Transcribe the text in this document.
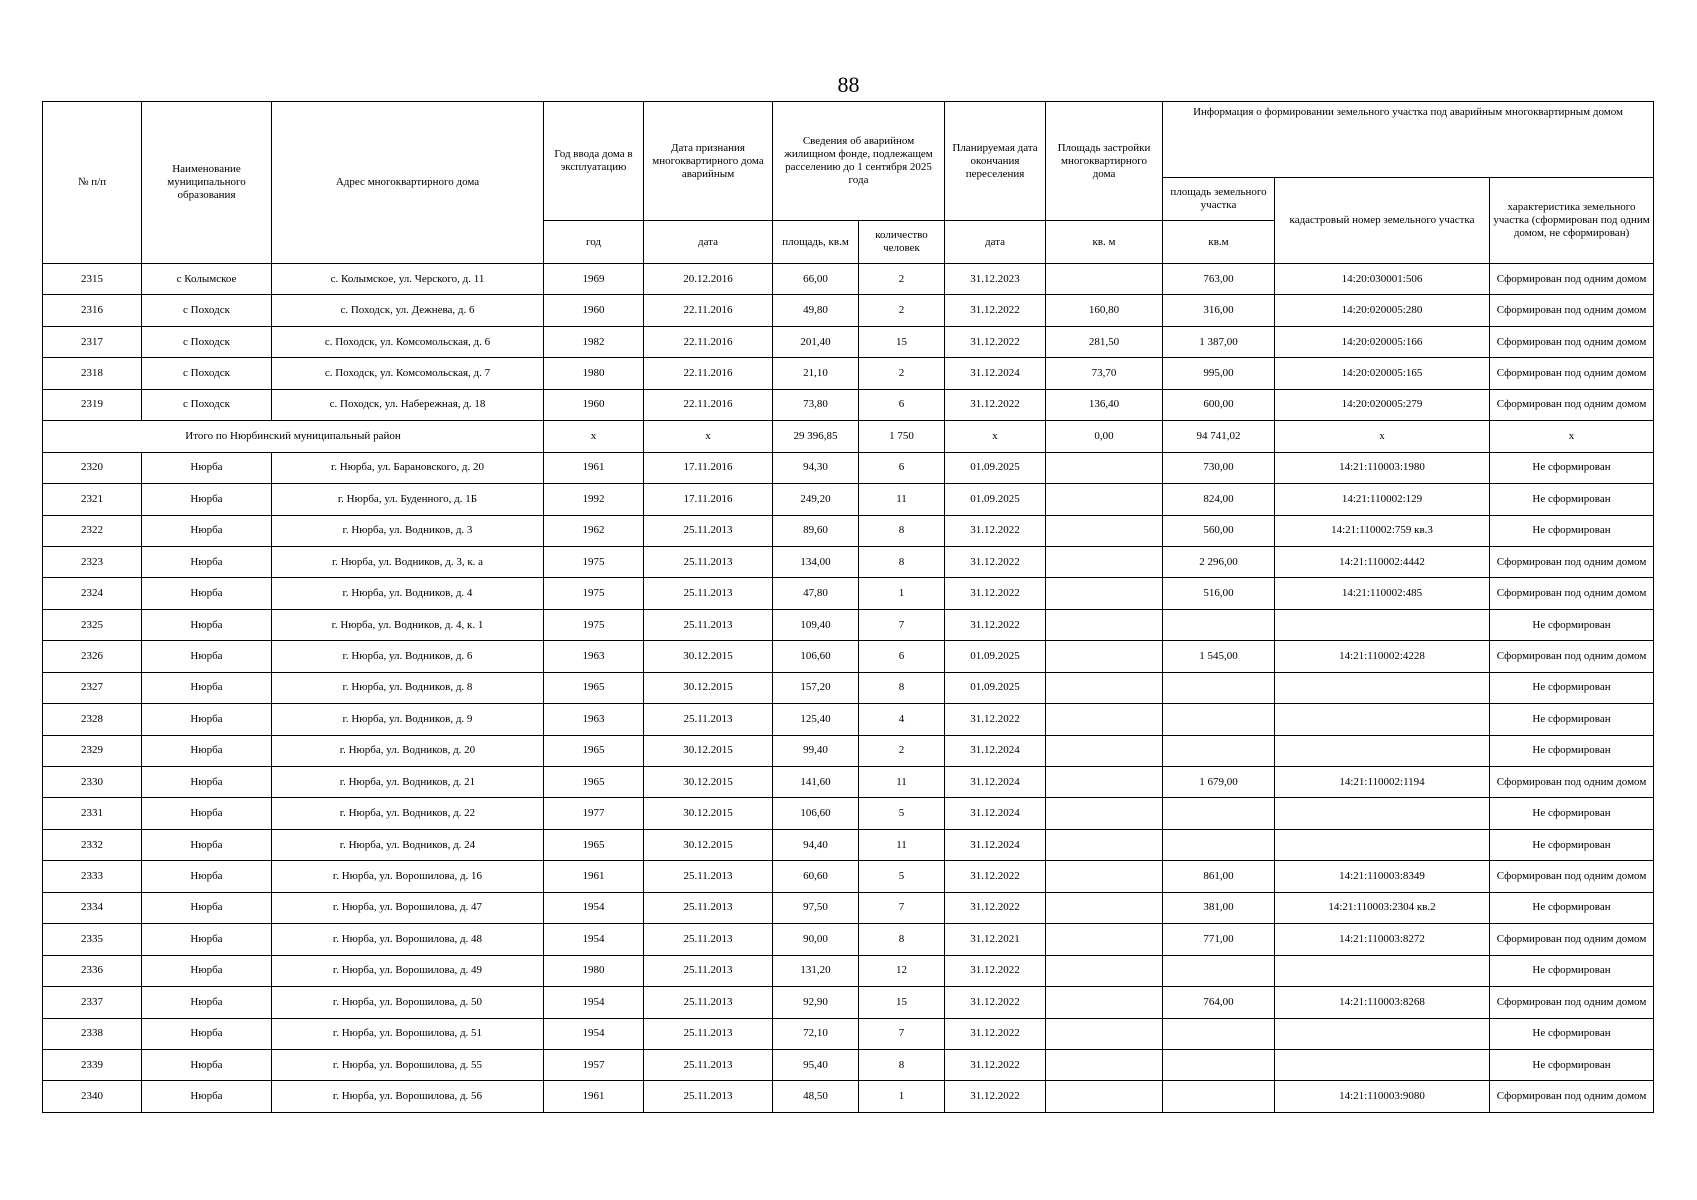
88
№ п/п	Наименование муниципального образования	Адрес многоквартирного дома	Год ввода дома в эксплуатацию	Дата признания многоквартирного дома аварийным	Сведения об аварийном жилищном фонде, подлежащем расселению до 1 сентября 2025 года		Планируемая дата окончания переселения	Площадь застройки многоквартирного дома	Информация о формировании земельного участка под аварийным многоквартирным домом		
									площадь земельного участка	кадастровый номер земельного участка	характеристика земельного участка (сформирован под одним домом, не сформирован)
			год	дата	площадь, кв.м	количество человек	дата	кв. м	кв.м		
2315	с Колымское	с. Колымское, ул. Черского, д. 11	1969	20.12.2016	66,00	2	31.12.2023		763,00	14:20:030001:506	Сформирован под одним домом
2316	с Походск	с. Походск, ул. Дежнева, д. 6	1960	22.11.2016	49,80	2	31.12.2022	160,80	316,00	14:20:020005:280	Сформирован под одним домом
2317	с Походск	с. Походск, ул. Комсомольская, д. 6	1982	22.11.2016	201,40	15	31.12.2022	281,50	1 387,00	14:20:020005:166	Сформирован под одним домом
2318	с Походск	с. Походск, ул. Комсомольская, д. 7	1980	22.11.2016	21,10	2	31.12.2024	73,70	995,00	14:20:020005:165	Сформирован под одним домом
2319	с Походск	с. Походск, ул. Набережная, д. 18	1960	22.11.2016	73,80	6	31.12.2022	136,40	600,00	14:20:020005:279	Сформирован под одним домом
Итого по Нюрбинский муниципальный район			х	х	29 396,85	1 750	х	0,00	94 741,02	х	х
2320	Нюрба	г. Нюрба, ул. Барановского, д. 20	1961	17.11.2016	94,30	6	01.09.2025		730,00	14:21:110003:1980	Не сформирован
2321	Нюрба	г. Нюрба, ул. Буденного, д. 1Б	1992	17.11.2016	249,20	11	01.09.2025		824,00	14:21:110002:129	Не сформирован
2322	Нюрба	г. Нюрба, ул. Водников, д. 3	1962	25.11.2013	89,60	8	31.12.2022		560,00	14:21:110002:759 кв.3	Не сформирован
2323	Нюрба	г. Нюрба, ул. Водников, д. 3, к. а	1975	25.11.2013	134,00	8	31.12.2022		2 296,00	14:21:110002:4442	Сформирован под одним домом
2324	Нюрба	г. Нюрба, ул. Водников, д. 4	1975	25.11.2013	47,80	1	31.12.2022		516,00	14:21:110002:485	Сформирован под одним домом
2325	Нюрба	г. Нюрба, ул. Водников, д. 4, к. 1	1975	25.11.2013	109,40	7	31.12.2022				Не сформирован
2326	Нюрба	г. Нюрба, ул. Водников, д. 6	1963	30.12.2015	106,60	6	01.09.2025		1 545,00	14:21:110002:4228	Сформирован под одним домом
2327	Нюрба	г. Нюрба, ул. Водников, д. 8	1965	30.12.2015	157,20	8	01.09.2025				Не сформирован
2328	Нюрба	г. Нюрба, ул. Водников, д. 9	1963	25.11.2013	125,40	4	31.12.2022				Не сформирован
2329	Нюрба	г. Нюрба, ул. Водников, д. 20	1965	30.12.2015	99,40	2	31.12.2024				Не сформирован
2330	Нюрба	г. Нюрба, ул. Водников, д. 21	1965	30.12.2015	141,60	11	31.12.2024		1 679,00	14:21:110002:1194	Сформирован под одним домом
2331	Нюрба	г. Нюрба, ул. Водников, д. 22	1977	30.12.2015	106,60	5	31.12.2024				Не сформирован
2332	Нюрба	г. Нюрба, ул. Водников, д. 24	1965	30.12.2015	94,40	11	31.12.2024				Не сформирован
2333	Нюрба	г. Нюрба, ул. Ворошилова, д. 16	1961	25.11.2013	60,60	5	31.12.2022		861,00	14:21:110003:8349	Сформирован под одним домом
2334	Нюрба	г. Нюрба, ул. Ворошилова, д. 47	1954	25.11.2013	97,50	7	31.12.2022		381,00	14:21:110003:2304 кв.2	Не сформирован
2335	Нюрба	г. Нюрба, ул. Ворошилова, д. 48	1954	25.11.2013	90,00	8	31.12.2021		771,00	14:21:110003:8272	Сформирован под одним домом
2336	Нюрба	г. Нюрба, ул. Ворошилова, д. 49	1980	25.11.2013	131,20	12	31.12.2022				Не сформирован
2337	Нюрба	г. Нюрба, ул. Ворошилова, д. 50	1954	25.11.2013	92,90	15	31.12.2022		764,00	14:21:110003:8268	Сформирован под одним домом
2338	Нюрба	г. Нюрба, ул. Ворошилова, д. 51	1954	25.11.2013	72,10	7	31.12.2022				Не сформирован
2339	Нюрба	г. Нюрба, ул. Ворошилова, д. 55	1957	25.11.2013	95,40	8	31.12.2022				Не сформирован
2340	Нюрба	г. Нюрба, ул. Ворошилова, д. 56	1961	25.11.2013	48,50	1	31.12.2022			14:21:110003:9080	Сформирован под одним домом
